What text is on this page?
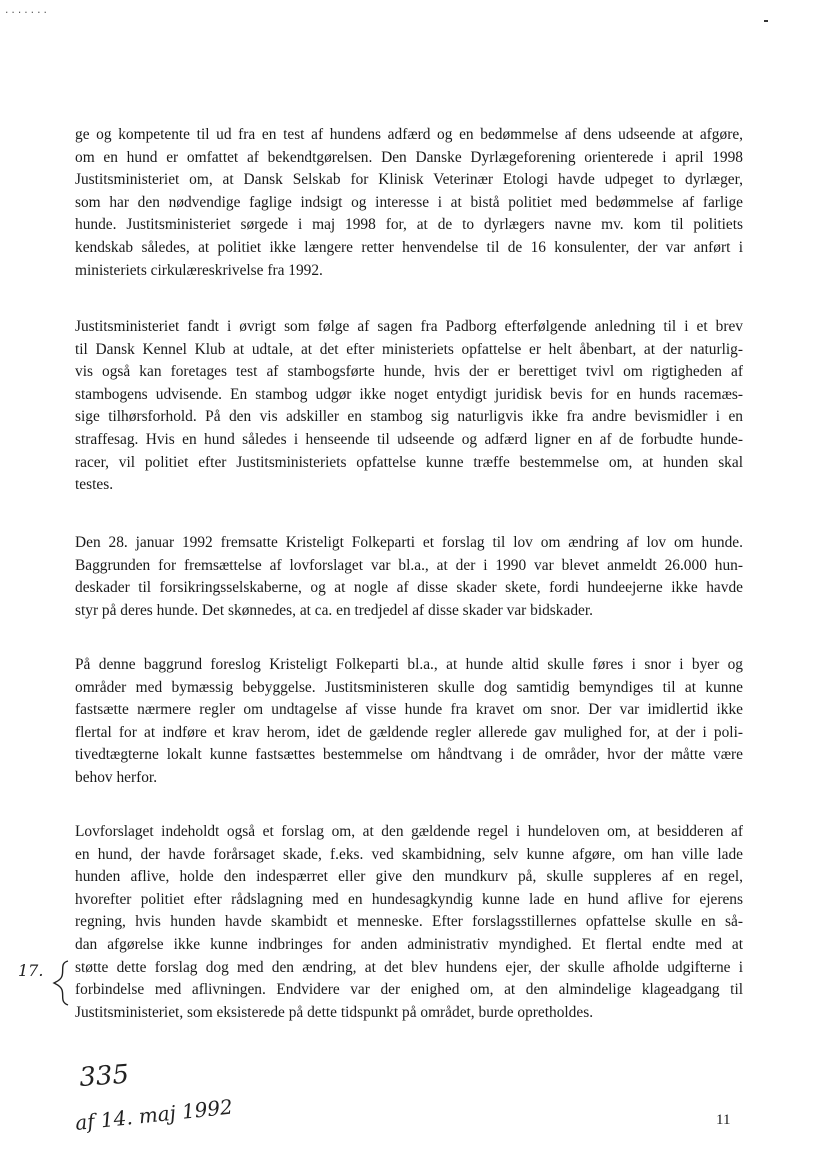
.......
ge og kompetente til ud fra en test af hundens adfærd og en bedømmelse af dens udseende at afgøre,
om en hund er omfattet af bekendtgørelsen. Den Danske Dyrlægeforening orienterede i april 1998
Justitsministeriet om, at Dansk Selskab for Klinisk Veterinær Etologi havde udpeget to dyrlæger,
som har den nødvendige faglige indsigt og interesse i at bistå politiet med bedømmelse af farlige
hunde. Justitsministeriet sørgede i maj 1998 for, at de to dyrlægers navne mv. kom til politiets
kendskab således, at politiet ikke længere retter henvendelse til de 16 konsulenter, der var anført i
ministeriets cirkulæreskrivelse fra 1992.
Justitsministeriet fandt i øvrigt som følge af sagen fra Padborg efterfølgende anledning til i et brev
til Dansk Kennel Klub at udtale, at det efter ministeriets opfattelse er helt åbenbart, at der naturlig-
vis også kan foretages test af stambogsførte hunde, hvis der er berettiget tvivl om rigtigheden af
stambogens udvisende. En stambog udgør ikke noget entydigt juridisk bevis for en hunds racemæs-
sige tilhørsforhold. På den vis adskiller en stambog sig naturligvis ikke fra andre bevismidler i en
straffesag. Hvis en hund således i henseende til udseende og adfærd ligner en af de forbudte hunde-
racer, vil politiet efter Justitsministeriets opfattelse kunne træffe bestemmelse om, at hunden skal
testes.
Den 28. januar 1992 fremsatte Kristeligt Folkeparti et forslag til lov om ændring af lov om hunde.
Baggrunden for fremsættelse af lovforslaget var bl.a., at der i 1990 var blevet anmeldt 26.000 hun-
deskader til forsikringsselskaberne, og at nogle af disse skader skete, fordi hundeejerne ikke havde
styr på deres hunde. Det skønnedes, at ca. en tredjedel af disse skader var bidskader.
På denne baggrund foreslog Kristeligt Folkeparti bl.a., at hunde altid skulle føres i snor i byer og
områder med bymæssig bebyggelse. Justitsministeren skulle dog samtidig bemyndiges til at kunne
fastsætte nærmere regler om undtagelse af visse hunde fra kravet om snor. Der var imidlertid ikke
flertal for at indføre et krav herom, idet de gældende regler allerede gav mulighed for, at der i poli-
tivedtægterne lokalt kunne fastsættes bestemmelse om håndtvang i de områder, hvor der måtte være
behov herfor.
Lovforslaget indeholdt også et forslag om, at den gældende regel i hundeloven om, at besidderen af
en hund, der havde forårsaget skade, f.eks. ved skambidning, selv kunne afgøre, om han ville lade
hunden aflive, holde den indespærret eller give den mundkurv på, skulle suppleres af en regel,
hvorefter politiet efter rådslagning med en hundesagkyndig kunne lade en hund aflive for ejerens
regning, hvis hunden havde skambidt et menneske. Efter forslagsstillernes opfattelse skulle en så-
dan afgørelse ikke kunne indbringes for anden administrativ myndighed. Et flertal endte med at
støtte dette forslag dog med den ændring, at det blev hundens ejer, der skulle afholde udgifterne i
forbindelse med aflivningen. Endvidere var der enighed om, at den almindelige klageadgang til
Justitsministeriet, som eksisterede på dette tidspunkt på området, burde opretholdes.
17.
335
af 14. maj 1992	11
